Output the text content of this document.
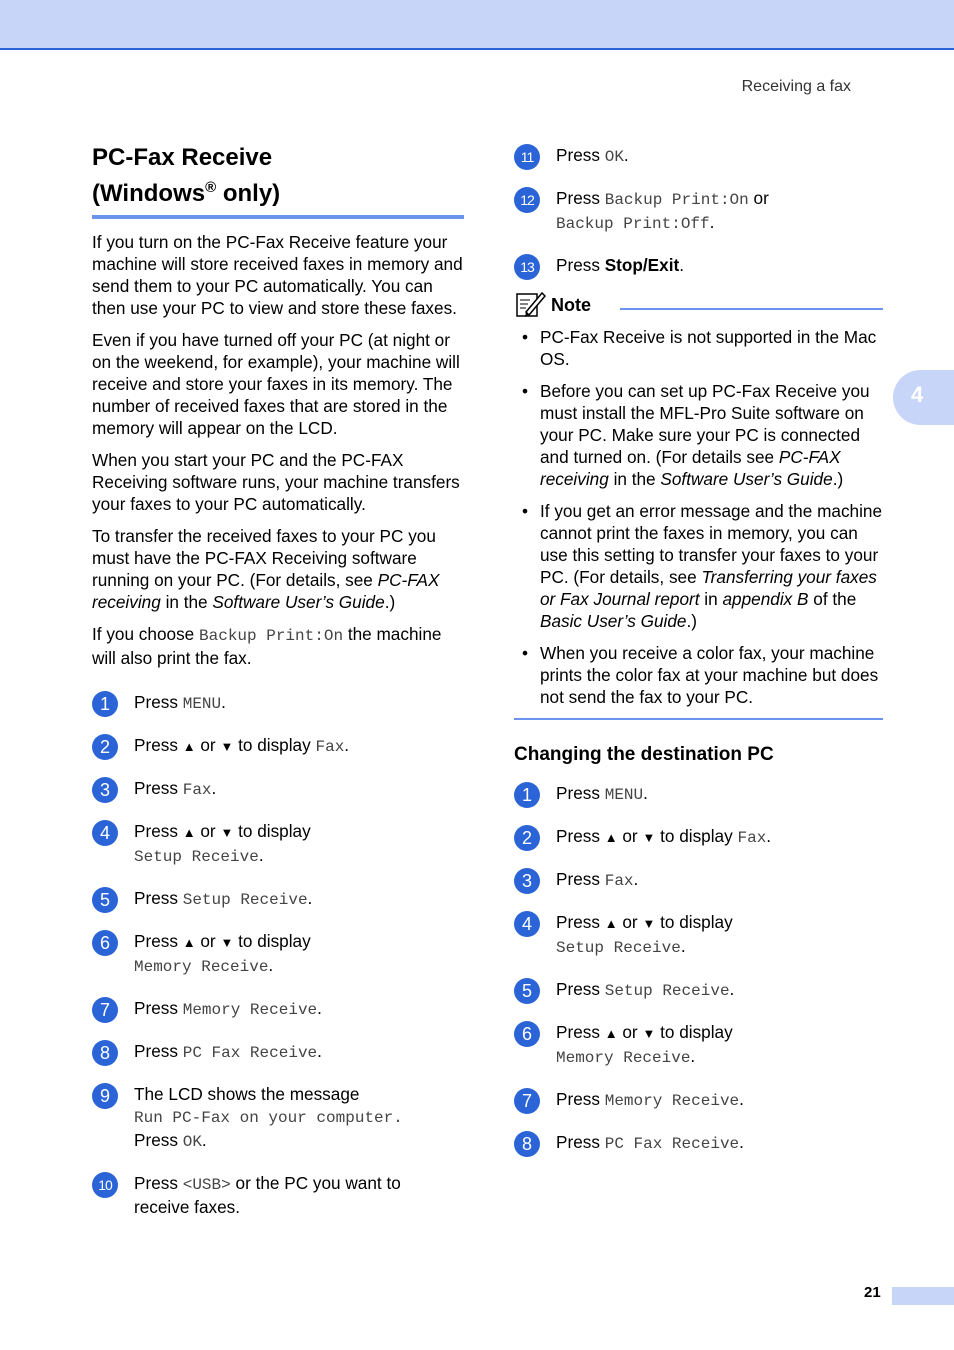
Receiving a fax
4
PC-Fax Receive
(Windows® only)

If you turn on the PC-Fax Receive feature your machine will store received faxes in memory and send them to your PC automatically. You can then use your PC to view and store these faxes.

Even if you have turned off your PC (at night or on the weekend, for example), your machine will receive and store your faxes in its memory. The number of received faxes that are stored in the memory will appear on the LCD.

When you start your PC and the PC-FAX Receiving software runs, your machine transfers your faxes to your PC automatically.

To transfer the received faxes to your PC you must have the PC-FAX Receiving software running on your PC. (For details, see PC-FAX receiving in the Software User’s Guide.)

If you choose Backup Print:On the machine will also print the fax.

1	Press MENU.
2	Press ▲ or ▼ to display Fax.
3	Press Fax.
4	Press ▲ or ▼ to display
Setup Receive.
5	Press Setup Receive.
6	Press ▲ or ▼ to display
Memory Receive.
7	Press Memory Receive.
8	Press PC Fax Receive.
9	The LCD shows the message
Run PC-Fax on your computer.
Press OK.
10	Press <USB> or the PC you want to
receive faxes.
11	Press OK.
12	Press Backup Print:On or
Backup Print:Off.
13	Press Stop/Exit.
Note
• PC-Fax Receive is not supported in the Mac OS.
• Before you can set up PC-Fax Receive you must install the MFL-Pro Suite software on your PC. Make sure your PC is connected and turned on. (For details see PC-FAX receiving in the Software User’s Guide.)
• If you get an error message and the machine cannot print the faxes in memory, you can use this setting to transfer your faxes to your PC. (For details, see Transferring your faxes or Fax Journal report in appendix B of the Basic User’s Guide.)
• When you receive a color fax, your machine prints the color fax at your machine but does not send the fax to your PC.
Changing the destination PC
1	Press MENU.
2	Press ▲ or ▼ to display Fax.
3	Press Fax.
4	Press ▲ or ▼ to display
Setup Receive.
5	Press Setup Receive.
6	Press ▲ or ▼ to display
Memory Receive.
7	Press Memory Receive.
8	Press PC Fax Receive.
21
